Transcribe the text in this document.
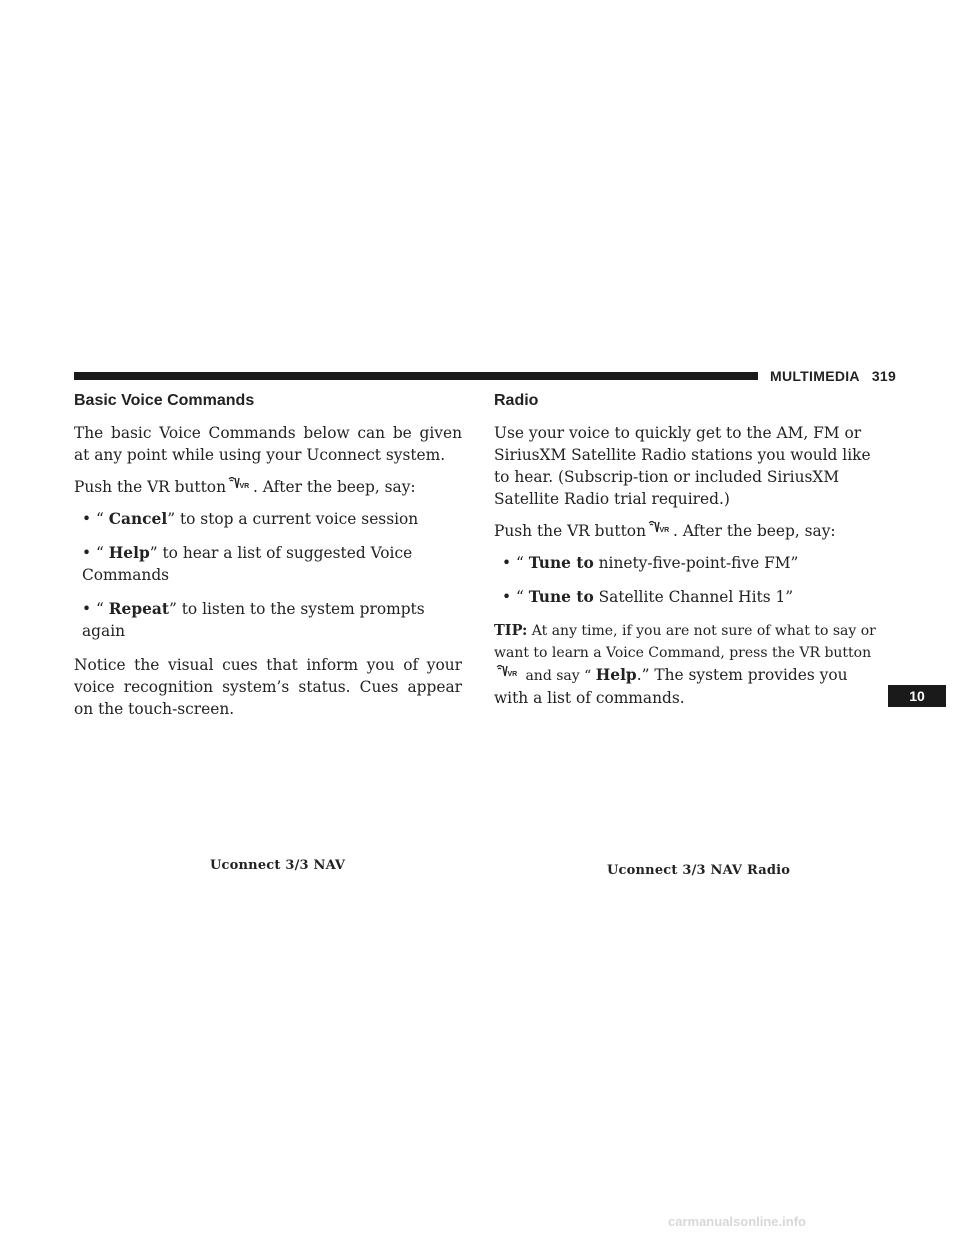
MULTIMEDIA 319
Basic Voice Commands

The basic Voice Commands below can be given at any point while using your Uconnect system.

Push the VR button VR . After the beep, say:

• “ Cancel” to stop a current voice session
• “ Help” to hear a list of suggested Voice Commands
• “ Repeat” to listen to the system prompts again

Notice the visual cues that inform you of your voice recognition system’s status. Cues appear on the touch-screen.

Radio

Use your voice to quickly get to the AM, FM or SiriusXM Satellite Radio stations you would like to hear. (Subscrip-tion or included SiriusXM Satellite Radio trial required.)

Push the VR button VR . After the beep, say:

• “ Tune to ninety-five-point-five FM”
• “ Tune to Satellite Channel Hits 1”

TIP: At any time, if you are not sure of what to say or want to learn a Voice Command, press the VR button
VR and say “ Help.” The system provides you with a list of commands.

Uconnect 3/3 NAV	Uconnect 3/3 NAV Radio
10
carmanualsonline.info
